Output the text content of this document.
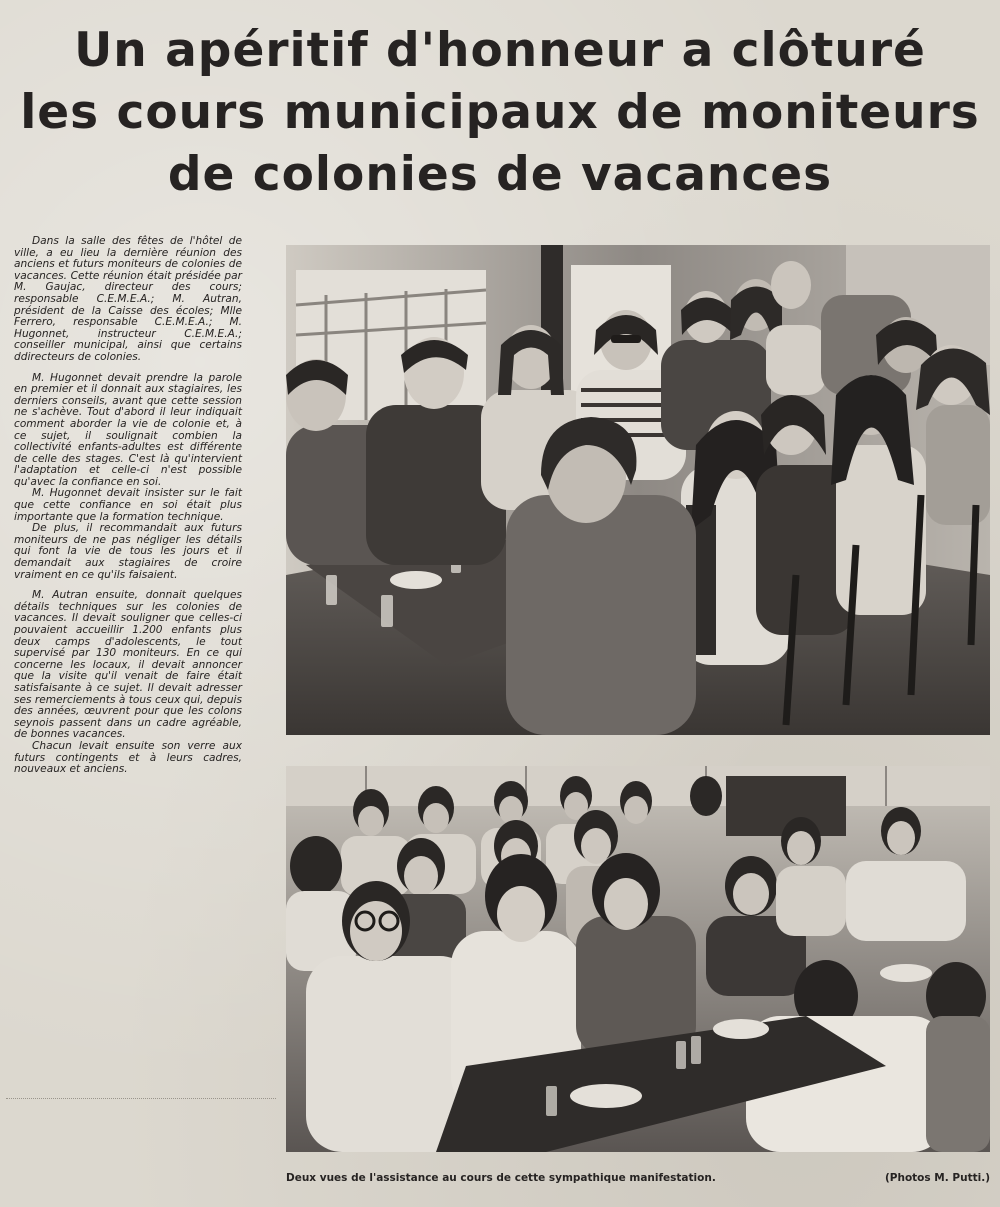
Un apéritif d'honneur a clôturé
les cours municipaux de moniteurs
de colonies de vacances

Dans la salle des fêtes de l'hôtel de ville, a eu lieu la dernière réunion des anciens et futurs moniteurs de colonies de vacances. Cette réunion était présidée par M. Gaujac, directeur des cours; responsable C.E.M.E.A.; M. Autran, président de la Caisse des écoles; Mlle Ferrero, responsable C.E.M.E.A.; M. Hugonnet, instructeur C.E.M.E.A.; conseiller municipal, ainsi que certains ddirecteurs de colonies.

M. Hugonnet devait prendre la parole en premier et il donnait aux stagiaires, les derniers conseils, avant que cette session ne s'achève. Tout d'abord il leur indiquait comment aborder la vie de colonie et, à ce sujet, il soulignait combien la collectivité enfants-adultes est différente de celle des stages. C'est là qu'intervient l'adaptation et celle-ci n'est possible qu'avec la confiance en soi.

M. Hugonnet devait insister sur le fait que cette confiance en soi était plus importante que la formation technique.

De plus, il recommandait aux futurs moniteurs de ne pas négliger les détails qui font la vie de tous les jours et il demandait aux stagiaires de croire vraiment en ce qu'ils faisaient.

M. Autran ensuite, donnait quelques détails techniques sur les colonies de vacances. Il devait souligner que celles-ci pouvaient accueillir 1.200 enfants plus deux camps d'adolescents, le tout supervisé par 130 moniteurs. En ce qui concerne les locaux, il devait annoncer que la visite qu'il venait de faire était satisfaisante à ce sujet. Il devait adresser ses remerciements à tous ceux qui, depuis des années, œuvrent pour que les colons seynois passent dans un cadre agréable, de bonnes vacances.

Chacun levait ensuite son verre aux futurs contingents et à leurs cadres, nouveaux et anciens.

Deux vues de l'assistance au cours de cette sympathique manifestation.	(Photos M. Putti.)
